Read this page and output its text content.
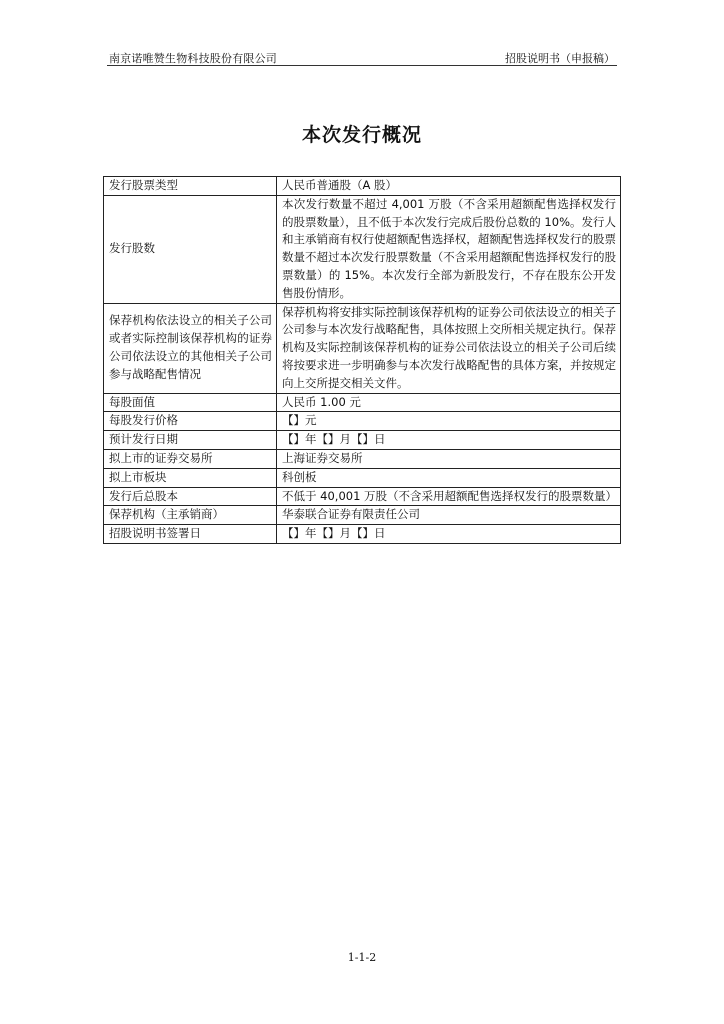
南京诺唯赞生物科技股份有限公司	招股说明书（申报稿）
本次发行概况
发行股票类型	人民币普通股（A 股）
发行股数	本次发行数量不超过 4,001 万股（不含采用超额配售选择权发行的股票数量），且不低于本次发行完成后股份总数的 10%。发行人和主承销商有权行使超额配售选择权，超额配售选择权发行的股票数量不超过本次发行股票数量（不含采用超额配售选择权发行的股票数量）的 15%。本次发行全部为新股发行，不存在股东公开发售股份情形。
保荐机构依法设立的相关子公司或者实际控制该保荐机构的证券公司依法设立的其他相关子公司参与战略配售情况	保荐机构将安排实际控制该保荐机构的证券公司依法设立的相关子公司参与本次发行战略配售，具体按照上交所相关规定执行。保荐机构及实际控制该保荐机构的证券公司依法设立的相关子公司后续将按要求进一步明确参与本次发行战略配售的具体方案，并按规定向上交所提交相关文件。
每股面值	人民币 1.00 元
每股发行价格	【】元
预计发行日期	【】年【】月【】日
拟上市的证券交易所	上海证券交易所
拟上市板块	科创板
发行后总股本	不低于 40,001 万股（不含采用超额配售选择权发行的股票数量）
保荐机构（主承销商）	华泰联合证券有限责任公司
招股说明书签署日	【】年【】月【】日
1-1-2
